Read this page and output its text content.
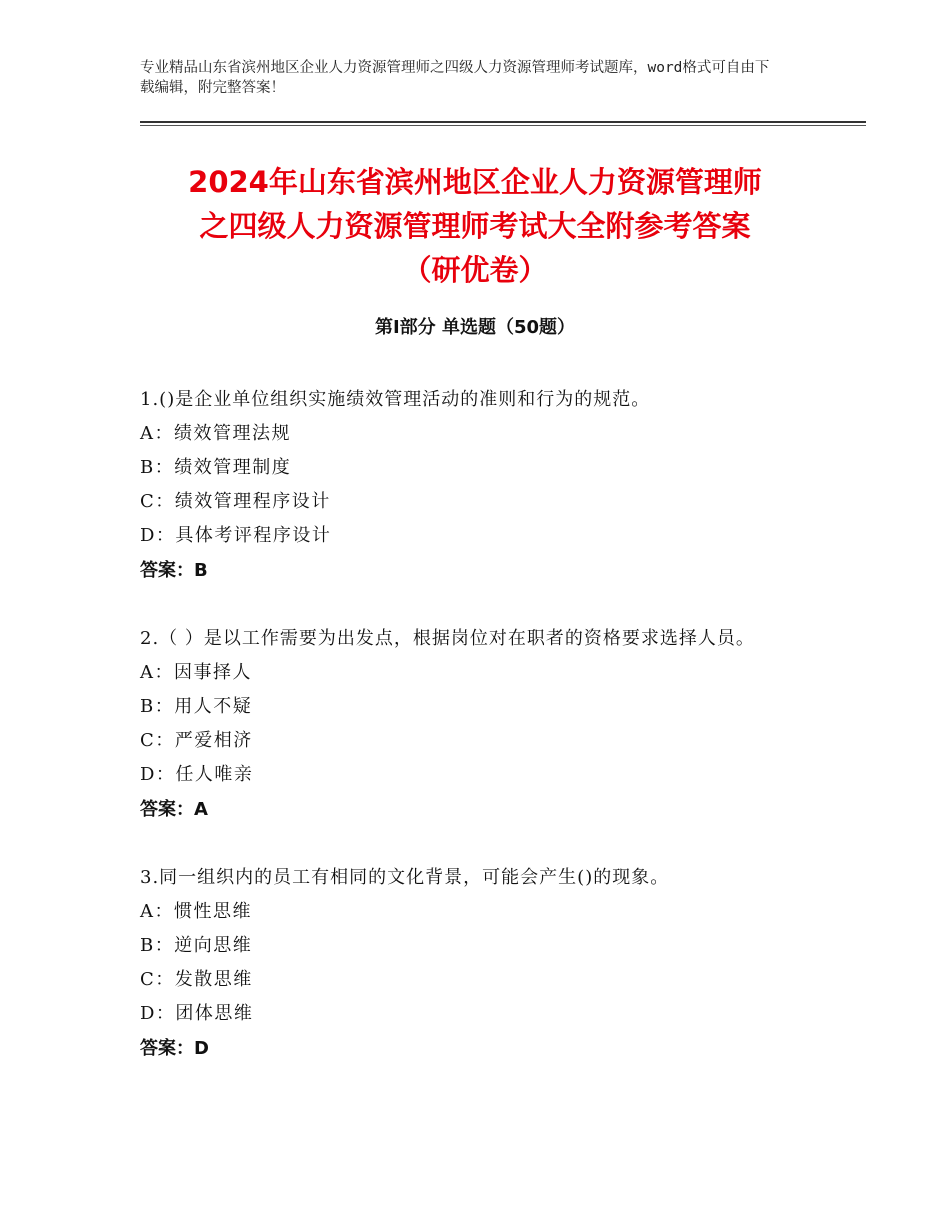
专业精品山东省滨州地区企业人力资源管理师之四级人力资源管理师考试题库，word格式可自由下载编辑，附完整答案！
2024年山东省滨州地区企业人力资源管理师
之四级人力资源管理师考试大全附参考答案
（研优卷）
第Ⅰ部分 单选题（50题）
1.()是企业单位组织实施绩效管理活动的准则和行为的规范。
A：绩效管理法规
B：绩效管理制度
C：绩效管理程序设计
D：具体考评程序设计
答案：B
2.（ ）是以工作需要为出发点，根据岗位对在职者的资格要求选择人员。
A：因事择人
B：用人不疑
C：严爱相济
D：任人唯亲
答案：A
3.同一组织内的员工有相同的文化背景，可能会产生()的现象。
A：惯性思维
B：逆向思维
C：发散思维
D：团体思维
答案：D
